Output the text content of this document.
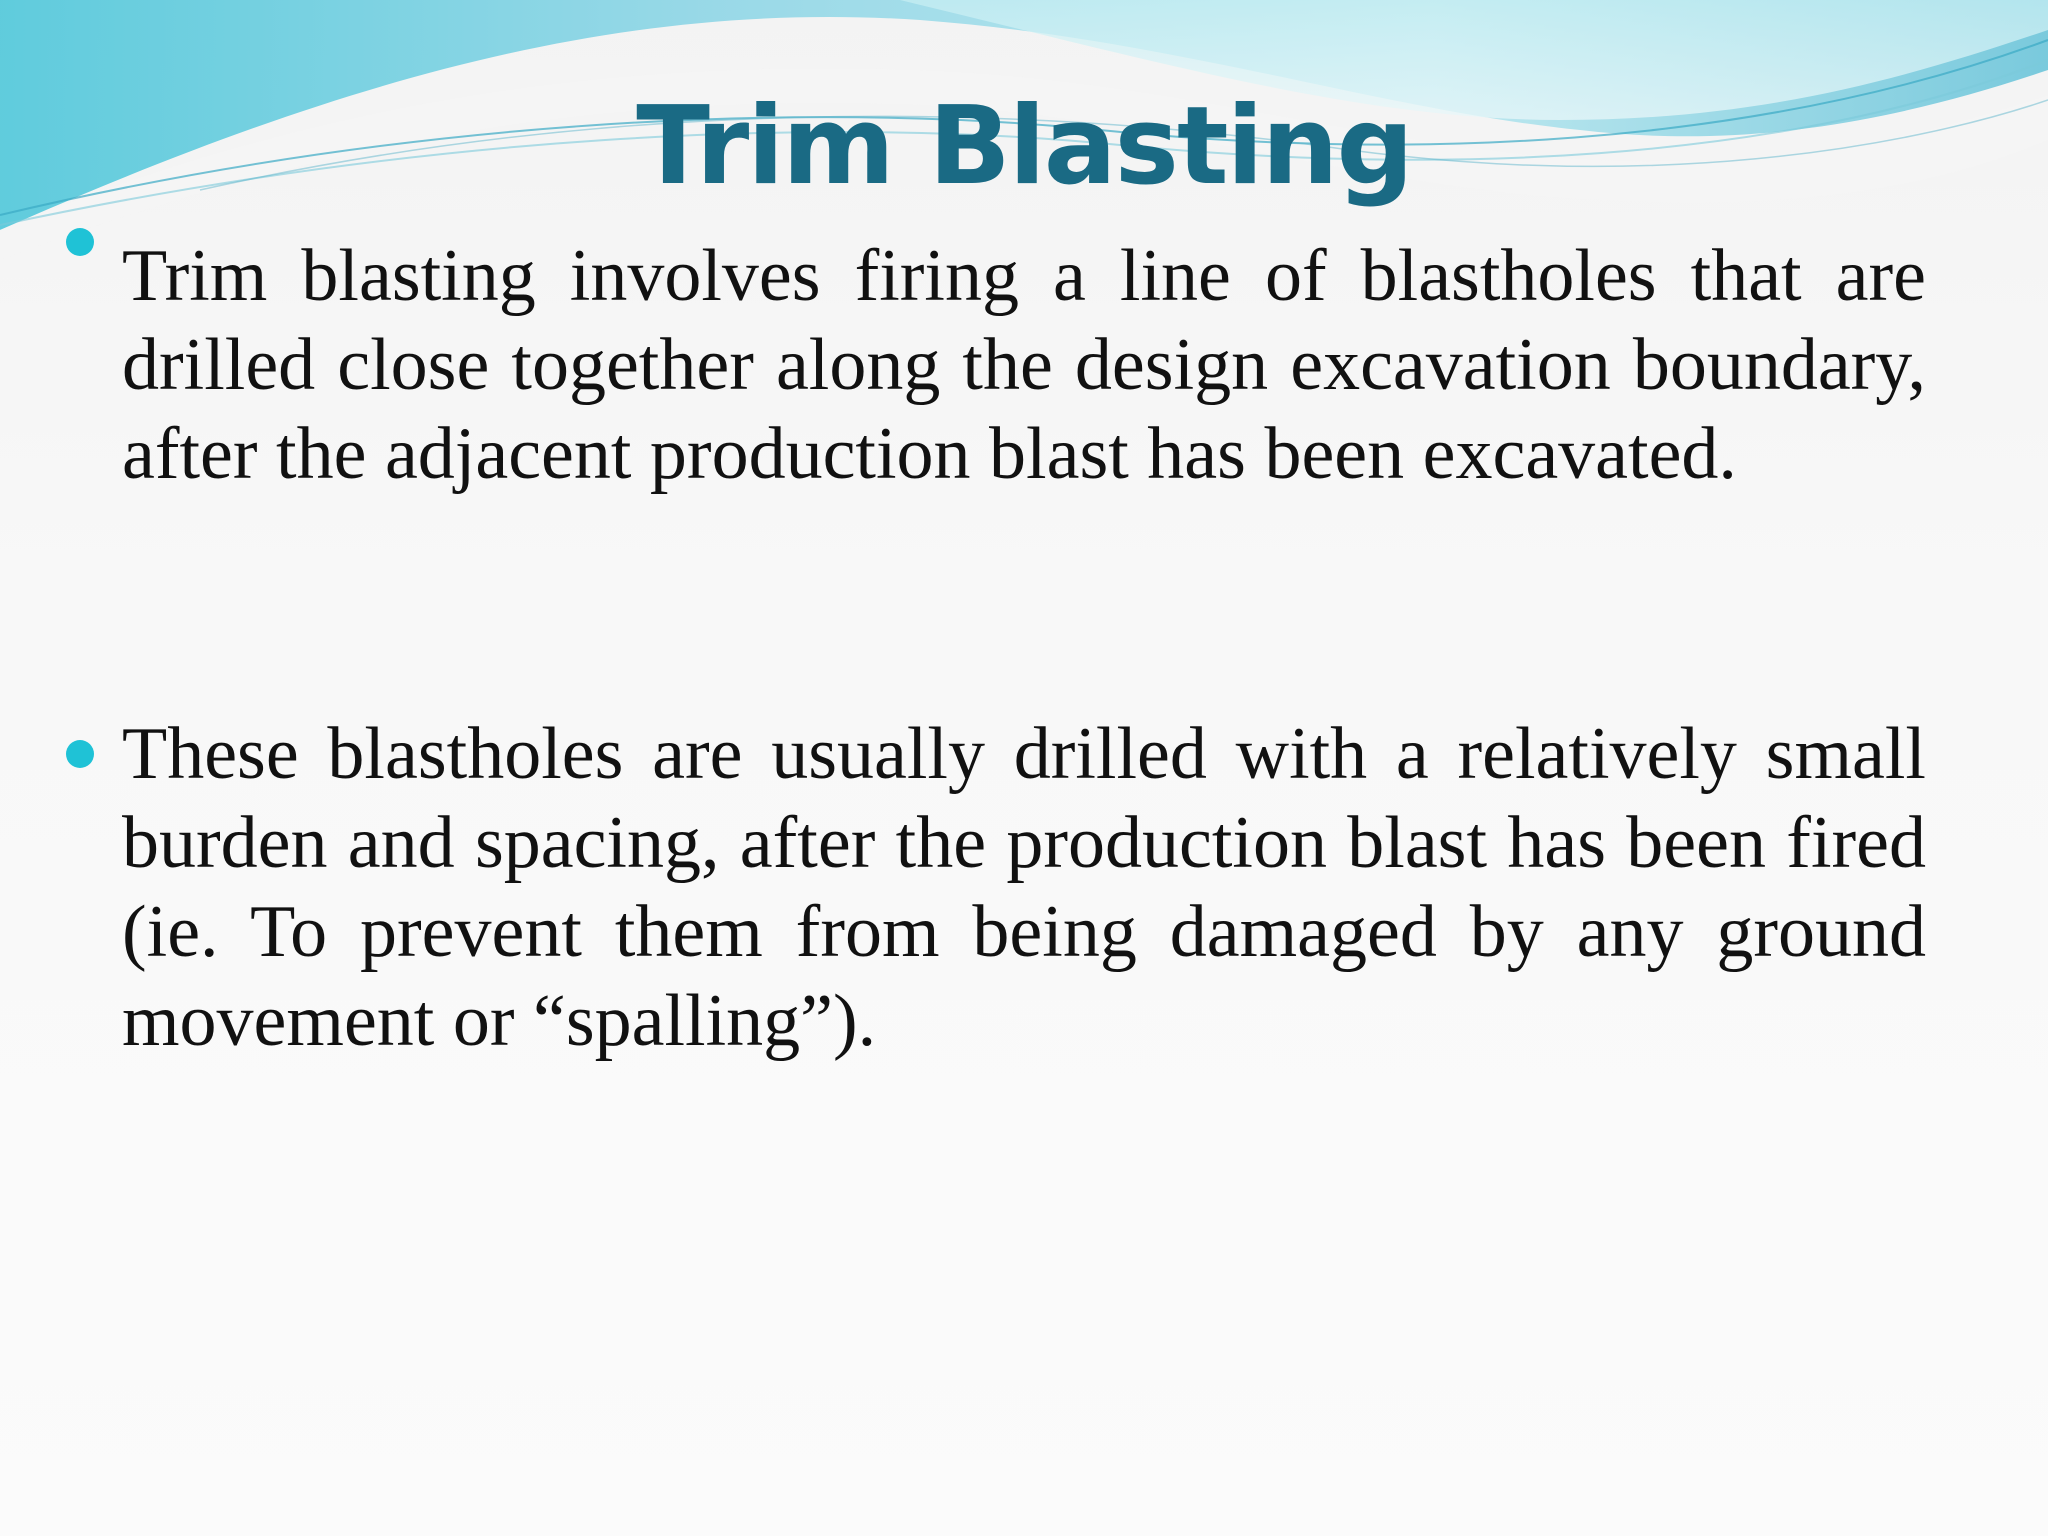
Trim Blasting

Trim blasting involves firing a line of blastholes that are drilled close together along the design excavation boundary, after the adjacent production blast has been excavated.

These blastholes are usually drilled with a relatively small burden and spacing, after the production blast has been fired (ie. To prevent them from being damaged by any ground movement or “spalling”).
